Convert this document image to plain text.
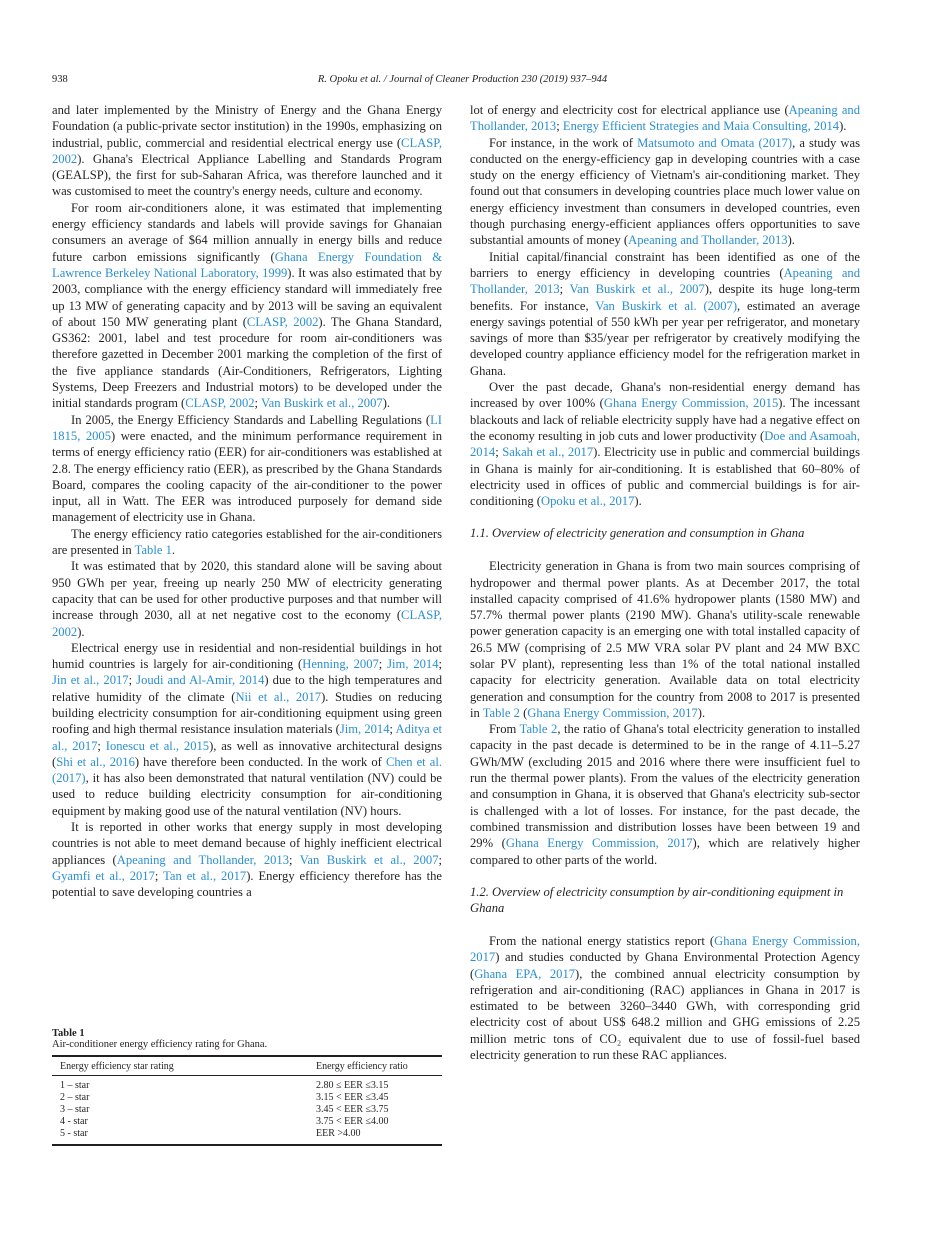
938	R. Opoku et al. / Journal of Cleaner Production 230 (2019) 937–944

and later implemented by the Ministry of Energy and the Ghana Energy Foundation (a public-private sector institution) in the 1990s, emphasizing on industrial, public, commercial and residential electrical energy use (CLASP, 2002). Ghana's Electrical Appliance Labelling and Standards Program (GEALSP), the first for sub-Saharan Africa, was therefore launched and it was customised to meet the country's energy needs, culture and economy.

For room air-conditioners alone, it was estimated that implementing energy efficiency standards and labels will provide savings for Ghanaian consumers an average of $64 million annually in energy bills and reduce future carbon emissions significantly (Ghana Energy Foundation & Lawrence Berkeley National Laboratory, 1999). It was also estimated that by 2003, compliance with the energy efficiency standard will immediately free up 13 MW of generating capacity and by 2013 will be saving an equivalent of about 150 MW generating plant (CLASP, 2002). The Ghana Standard, GS362: 2001, label and test procedure for room air-conditioners was therefore gazetted in December 2001 marking the completion of the first of the five appliance standards (Air-Conditioners, Refrigerators, Lighting Systems, Deep Freezers and Industrial motors) to be developed under the initial standards program (CLASP, 2002; Van Buskirk et al., 2007).

In 2005, the Energy Efficiency Standards and Labelling Regulations (LI 1815, 2005) were enacted, and the minimum performance requirement in terms of energy efficiency ratio (EER) for air-conditioners was established at 2.8. The energy efficiency ratio (EER), as prescribed by the Ghana Standards Board, compares the cooling capacity of the air-conditioner to the power input, all in Watt. The EER was introduced purposely for demand side management of electricity use in Ghana.

The energy efficiency ratio categories established for the air-conditioners are presented in Table 1.

It was estimated that by 2020, this standard alone will be saving about 950 GWh per year, freeing up nearly 250 MW of electricity generating capacity that can be used for other productive purposes and that number will increase through 2030, all at net negative cost to the economy (CLASP, 2002).

Electrical energy use in residential and non-residential buildings in hot humid countries is largely for air-conditioning (Henning, 2007; Jim, 2014; Jin et al., 2017; Joudi and Al-Amir, 2014) due to the high temperatures and relative humidity of the climate (Nii et al., 2017). Studies on reducing building electricity consumption for air-conditioning equipment using green roofing and high thermal resistance insulation materials (Jim, 2014; Aditya et al., 2017; Ionescu et al., 2015), as well as innovative architectural designs (Shi et al., 2016) have therefore been conducted. In the work of Chen et al. (2017), it has also been demonstrated that natural ventilation (NV) could be used to reduce building electricity consumption for air-conditioning equipment by making good use of the natural ventilation (NV) hours.

It is reported in other works that energy supply in most developing countries is not able to meet demand because of highly inefficient electrical appliances (Apeaning and Thollander, 2013; Van Buskirk et al., 2007; Gyamfi et al., 2017; Tan et al., 2017). Energy efficiency therefore has the potential to save developing countries a

lot of energy and electricity cost for electrical appliance use (Apeaning and Thollander, 2013; Energy Efficient Strategies and Maia Consulting, 2014).

For instance, in the work of Matsumoto and Omata (2017), a study was conducted on the energy-efficiency gap in developing countries with a case study on the energy efficiency of Vietnam's air-conditioning market. They found out that consumers in developing countries place much lower value on energy efficiency investment than consumers in developed countries, even though purchasing energy-efficient appliances offers opportunities to save substantial amounts of money (Apeaning and Thollander, 2013).

Initial capital/financial constraint has been identified as one of the barriers to energy efficiency in developing countries (Apeaning and Thollander, 2013; Van Buskirk et al., 2007), despite its huge long-term benefits. For instance, Van Buskirk et al. (2007), estimated an average energy savings potential of 550 kWh per year per refrigerator, and monetary savings of more than $35/year per refrigerator by creatively modifying the developed country appliance efficiency model for the refrigeration market in Ghana.

Over the past decade, Ghana's non-residential energy demand has increased by over 100% (Ghana Energy Commission, 2015). The incessant blackouts and lack of reliable electricity supply have had a negative effect on the economy resulting in job cuts and lower productivity (Doe and Asamoah, 2014; Sakah et al., 2017). Electricity use in public and commercial buildings in Ghana is mainly for air-conditioning. It is established that 60–80% of electricity used in offices of public and commercial buildings is for air-conditioning (Opoku et al., 2017).

1.1. Overview of electricity generation and consumption in Ghana

Electricity generation in Ghana is from two main sources comprising of hydropower and thermal power plants. As at December 2017, the total installed capacity comprised of 41.6% hydropower plants (1580 MW) and 57.7% thermal power plants (2190 MW). Ghana's utility-scale renewable power generation capacity is an emerging one with total installed capacity of 26.5 MW (comprising of 2.5 MW VRA solar PV plant and 24 MW BXC solar PV plant), representing less than 1% of the total national installed capacity for electricity generation. Available data on total electricity generation and consumption for the country from 2008 to 2017 is presented in Table 2 (Ghana Energy Commission, 2017).

From Table 2, the ratio of Ghana's total electricity generation to installed capacity in the past decade is determined to be in the range of 4.11–5.27 GWh/MW (excluding 2015 and 2016 where there were insufficient fuel to run the thermal power plants). From the values of the electricity generation and consumption in Ghana, it is observed that Ghana's electricity sub-sector is challenged with a lot of losses. For instance, for the past decade, the combined transmission and distribution losses have been between 19 and 29% (Ghana Energy Commission, 2017), which are relatively higher compared to other parts of the world.

1.2. Overview of electricity consumption by air-conditioning equipment in Ghana

From the national energy statistics report (Ghana Energy Commission, 2017) and studies conducted by Ghana Environmental Protection Agency (Ghana EPA, 2017), the combined annual electricity consumption by refrigeration and air-conditioning (RAC) appliances in Ghana in 2017 is estimated to be between 3260–3440 GWh, with corresponding grid electricity cost of about US$ 648.2 million and GHG emissions of 2.25 million metric tons of CO₂ equivalent due to use of fossil-fuel based electricity generation to run these RAC appliances.

Table 1
Air-conditioner energy efficiency rating for Ghana.
Energy efficiency star rating	Energy efficiency ratio
1 – star	2.80 ≤ EER ≤3.15
2 – star	3.15 < EER ≤3.45
3 – star	3.45 < EER ≤3.75
4 - star	3.75 < EER ≤4.00
5 - star	EER >4.00
